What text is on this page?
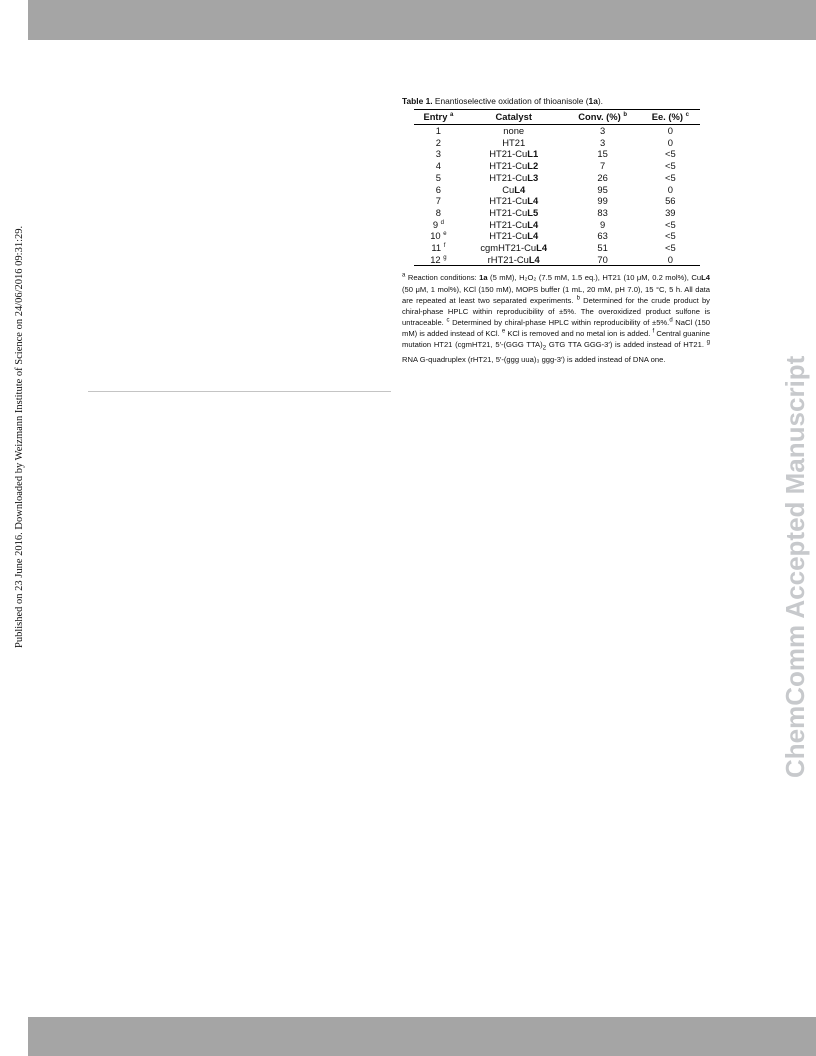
Published on 23 June 2016. Downloaded by Weizmann Institute of Science on 24/06/2016 09:31:29.	ChemComm Accepted Manuscript

Table 1. Enantioselective oxidation of thioanisole (1a).

Entry $^a$	Catalyst	Conv. (%) $^b$	Ee. (%) $^c$
1	none	3	0
2	HT21	3	0
3	HT21-CuL1	15	<5
4	HT21-CuL2	7	<5
5	HT21-CuL3	26	<5
6	CuL4	95	0
7	HT21-CuL4	99	56
8	HT21-CuL5	83	39
9 $^d$	HT21-CuL4	9	<5
10 $^e$	HT21-CuL4	63	<5
11 $^f$	cgmHT21-CuL4	51	<5
12 $^g$	rHT21-CuL4	70	0
$^a$ Reaction conditions: 1a (5 mM), H₂O₂ (7.5 mM, 1.5 eq.), HT21 (10 μM, 0.2 mol%), CuL4 (50 μM, 1 mol%), KCl (150 mM), MOPS buffer (1 mL, 20 mM, pH 7.0), 15 °C, 5 h. All data are repeated at least two separated experiments. $^b$ Determined for the crude product by chiral-phase HPLC within reproducibility of ±5%. The overoxidized product sulfone is untraceable. $^c$ Determined by chiral-phase HPLC within reproducibility of ±5%.$^d$ NaCl (150 mM) is added instead of KCl. $^e$ KCl is removed and no metal ion is added. $^f$ Central guanine mutation HT21 (cgmHT21, 5′-(GGG $TTA)_2$ GTG TTA GGG-3′) is added instead of HT21. $^g$ RNA G-quadruplex (rHT21, 5′-(ggg uua)₃ ggg-3′) is added instead of DNA one.
